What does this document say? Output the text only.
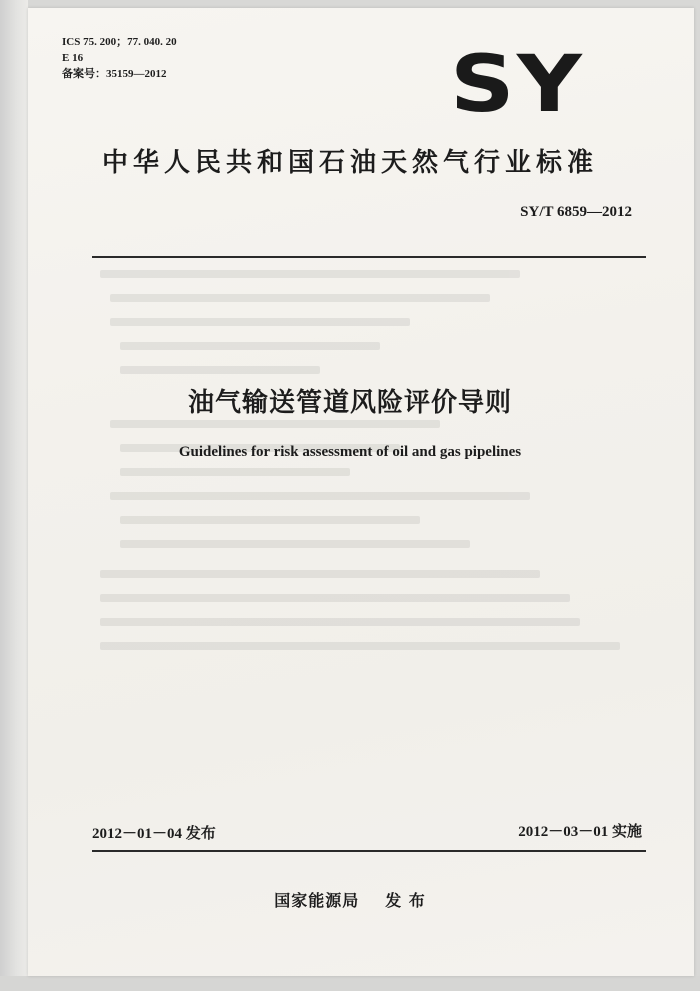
ICS 75. 200；77. 040. 20
E 16
备案号：35159—2012	SY
中华人民共和国石油天然气行业标准
SY/T 6859—2012
油气输送管道风险评价导则
Guidelines for risk assessment of oil and gas pipelines
2012－01－04 发布	2012－03－01 实施
国家能源局 发 布
